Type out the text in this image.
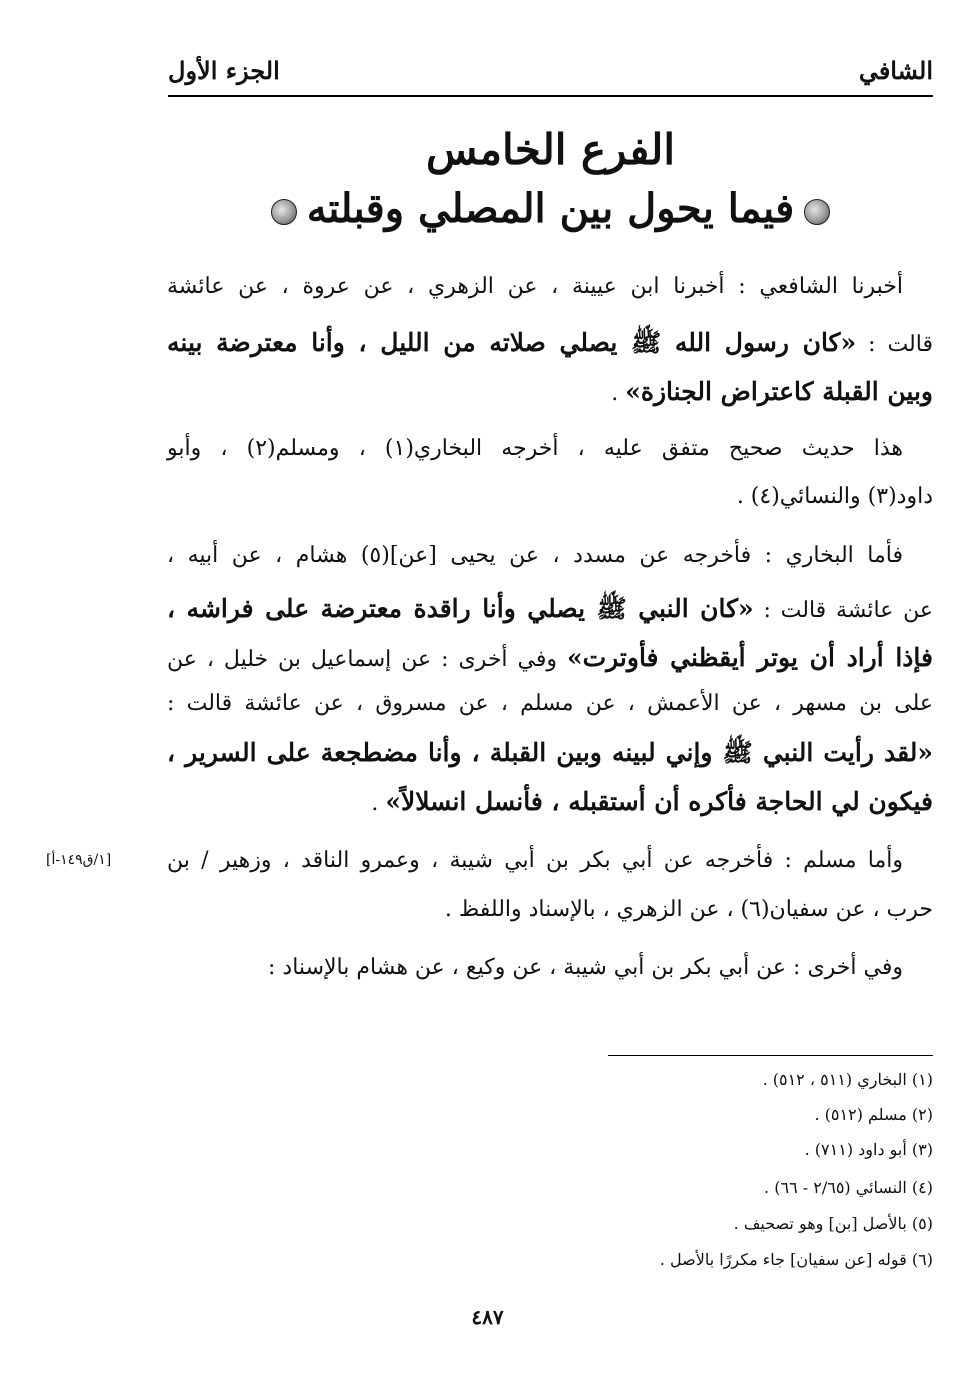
الشافي
الجزء الأول
الفرع الخامس
فيما يحول بين المصلي وقبلته
أخبرنا الشافعي : أخبرنا ابن عيينة ، عن الزهري ، عن عروة ، عن عائشة
قالت : «كان رسول الله ﷺ يصلي صلاته من الليل ، وأنا معترضة بينه
وبين القبلة كاعتراض الجنازة» .
هذا حديث صحيح متفق عليه ، أخرجه البخاري(١) ، ومسلم(٢) ، وأبو
داود(٣) والنسائي(٤) .
فأما البخاري : فأخرجه عن مسدد ، عن يحيى [عن](٥) هشام ، عن أبيه ،
عن عائشة قالت : «كان النبي ﷺ يصلي وأنا راقدة معترضة على فراشه ،
فإذا أراد أن يوتر أيقظني فأوترت» وفي أخرى : عن إسماعيل بن خليل ، عن
على بن مسهر ، عن الأعمش ، عن مسلم ، عن مسروق ، عن عائشة قالت :
«لقد رأيت النبي ﷺ وإني لبينه وبين القبلة ، وأنا مضطجعة على السرير ،
فيكون لي الحاجة فأكره أن أستقبله ، فأنسل انسلالاً» .
وأما مسلم : فأخرجه عن أبي بكر بن أبي شيبة ، وعمرو الناقد ، وزهير / بن
حرب ، عن سفيان(٦) ، عن الزهري ، بالإسناد واللفظ .
وفي أخرى : عن أبي بكر بن أبي شيبة ، عن وكيع ، عن هشام بالإسناد :
[١/ق١٤٩-أ]
(١) البخاري (٥١١ ، ٥١٢) .
(٢) مسلم (٥١٢) .
(٣) أبو داود (٧١١) .
(٤) النسائي (٢/٦٥ - ٦٦) .
(٥) بالأصل [بن] وهو تصحيف .
(٦) قوله [عن سفيان] جاء مكررًا بالأصل .
٤٨٧
